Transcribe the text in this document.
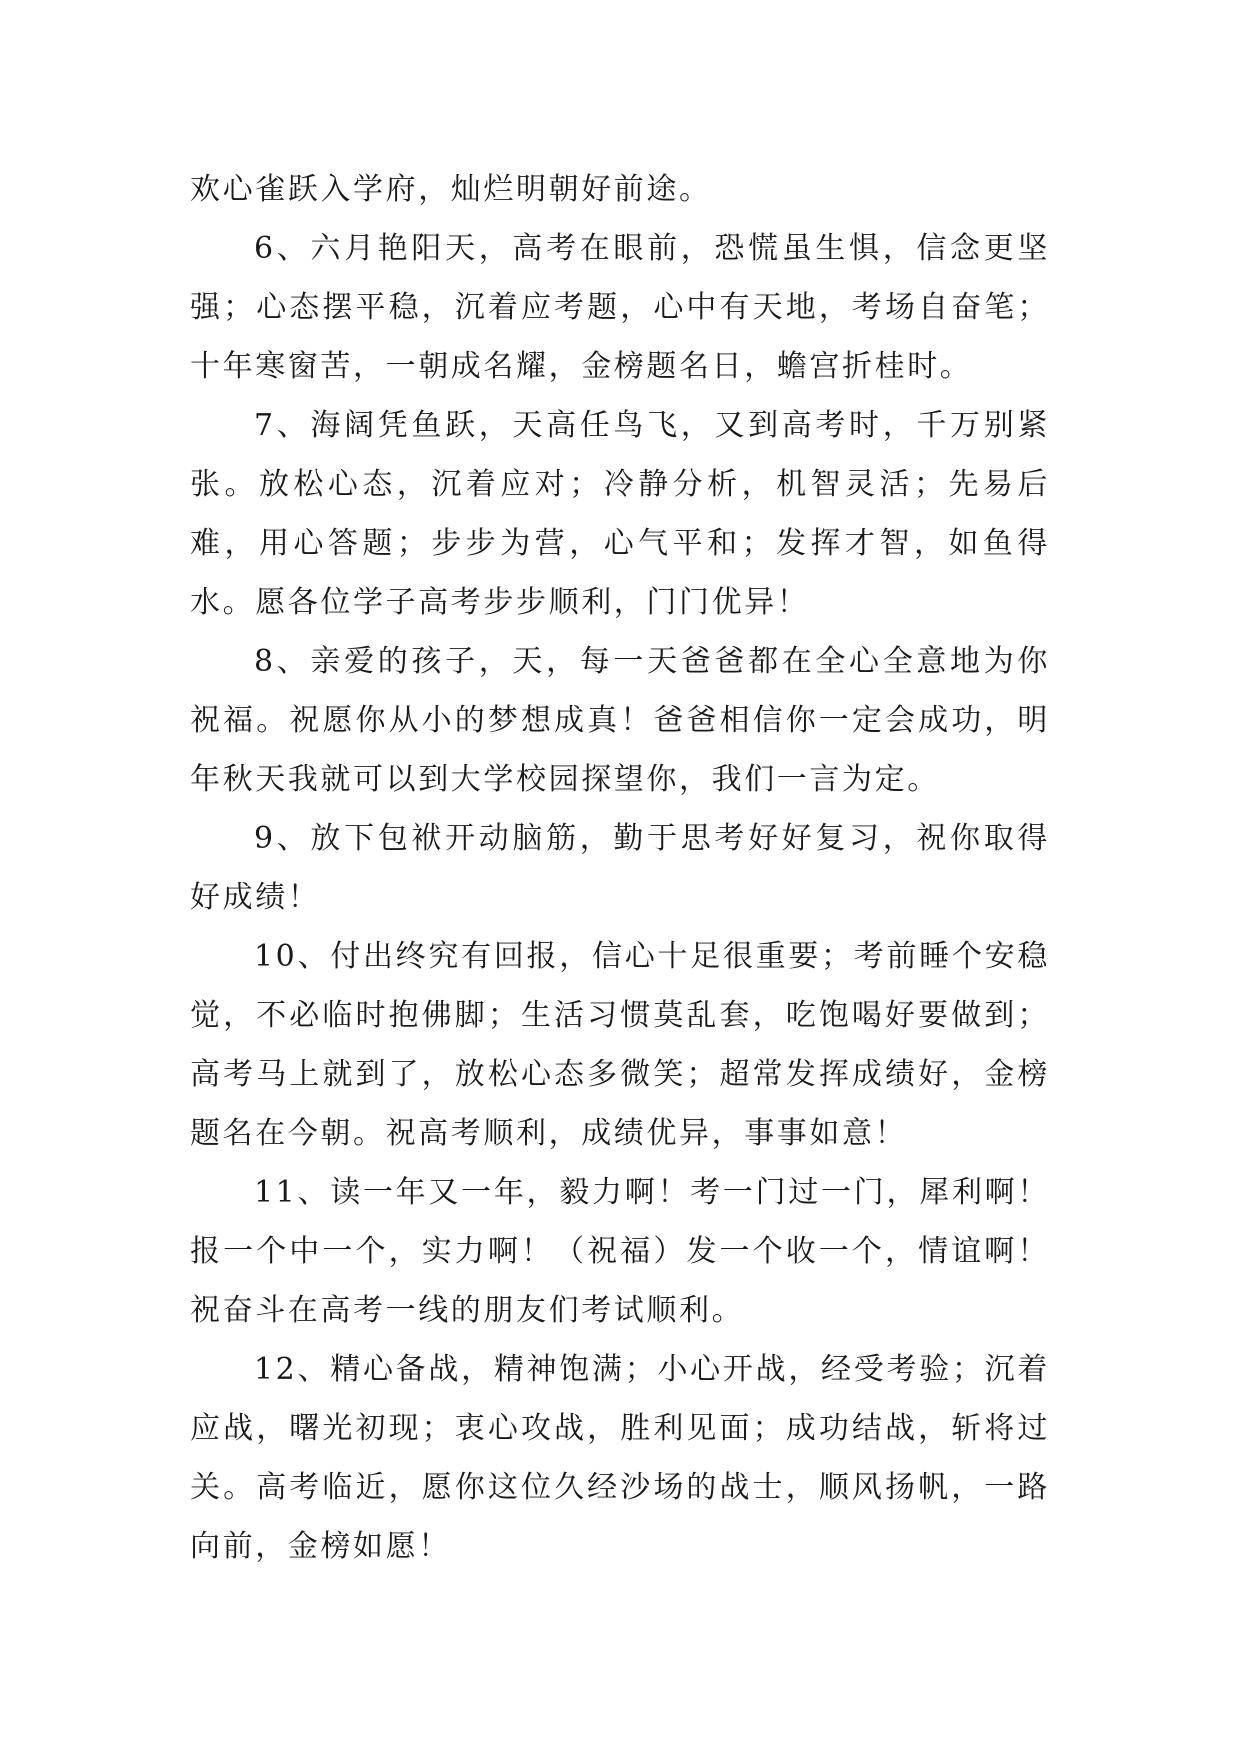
欢心雀跃入学府，灿烂明朝好前途。

6、六月艳阳天，高考在眼前，恐慌虽生惧，信念更坚强；心态摆平稳，沉着应考题，心中有天地，考场自奋笔；十年寒窗苦，一朝成名耀，金榜题名日，蟾宫折桂时。

7、海阔凭鱼跃，天高任鸟飞，又到高考时，千万别紧张。放松心态，沉着应对；冷静分析，机智灵活；先易后难，用心答题；步步为营，心气平和；发挥才智，如鱼得水。愿各位学子高考步步顺利，门门优异！

8、亲爱的孩子，天，每一天爸爸都在全心全意地为你祝福。祝愿你从小的梦想成真！爸爸相信你一定会成功，明年秋天我就可以到大学校园探望你，我们一言为定。

9、放下包袱开动脑筋，勤于思考好好复习，祝你取得好成绩！

10、付出终究有回报，信心十足很重要；考前睡个安稳觉，不必临时抱佛脚；生活习惯莫乱套，吃饱喝好要做到；高考马上就到了，放松心态多微笑；超常发挥成绩好，金榜题名在今朝。祝高考顺利，成绩优异，事事如意！

11、读一年又一年，毅力啊！考一门过一门，犀利啊！报一个中一个，实力啊！（祝福）发一个收一个，情谊啊！祝奋斗在高考一线的朋友们考试顺利。

12、精心备战，精神饱满；小心开战，经受考验；沉着应战，曙光初现；衷心攻战，胜利见面；成功结战，斩将过关。高考临近，愿你这位久经沙场的战士，顺风扬帆，一路向前，金榜如愿！
